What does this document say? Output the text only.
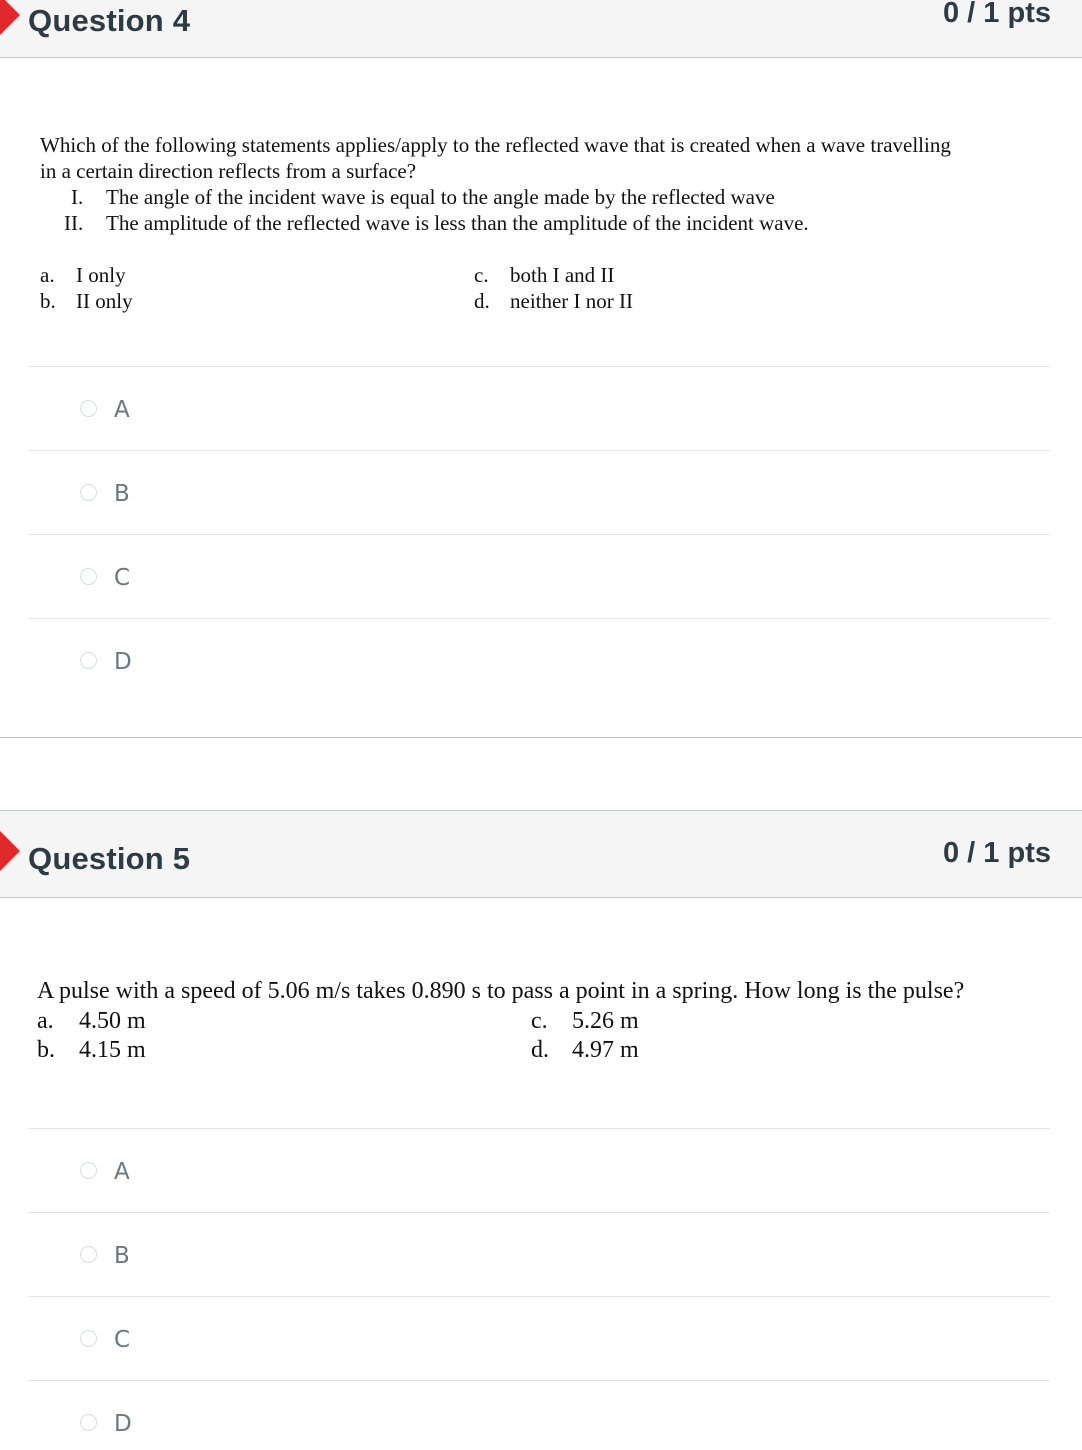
Question 4	0 / 1 pts
Which of the following statements applies/apply to the reflected wave that is created when a wave travelling
in a certain direction reflects from a surface?
I. The angle of the incident wave is equal to the angle made by the reflected wave
II. The amplitude of the reflected wave is less than the amplitude of the incident wave.
a. I only
b. II only
c. both I and II
d. neither I nor II
A
B
C
D
Question 5	0 / 1 pts
A pulse with a speed of 5.06 m/s takes 0.890 s to pass a point in a spring. How long is the pulse?
a. 4.50 m
b. 4.15 m
c. 5.26 m
d. 4.97 m
A
B
C
D
